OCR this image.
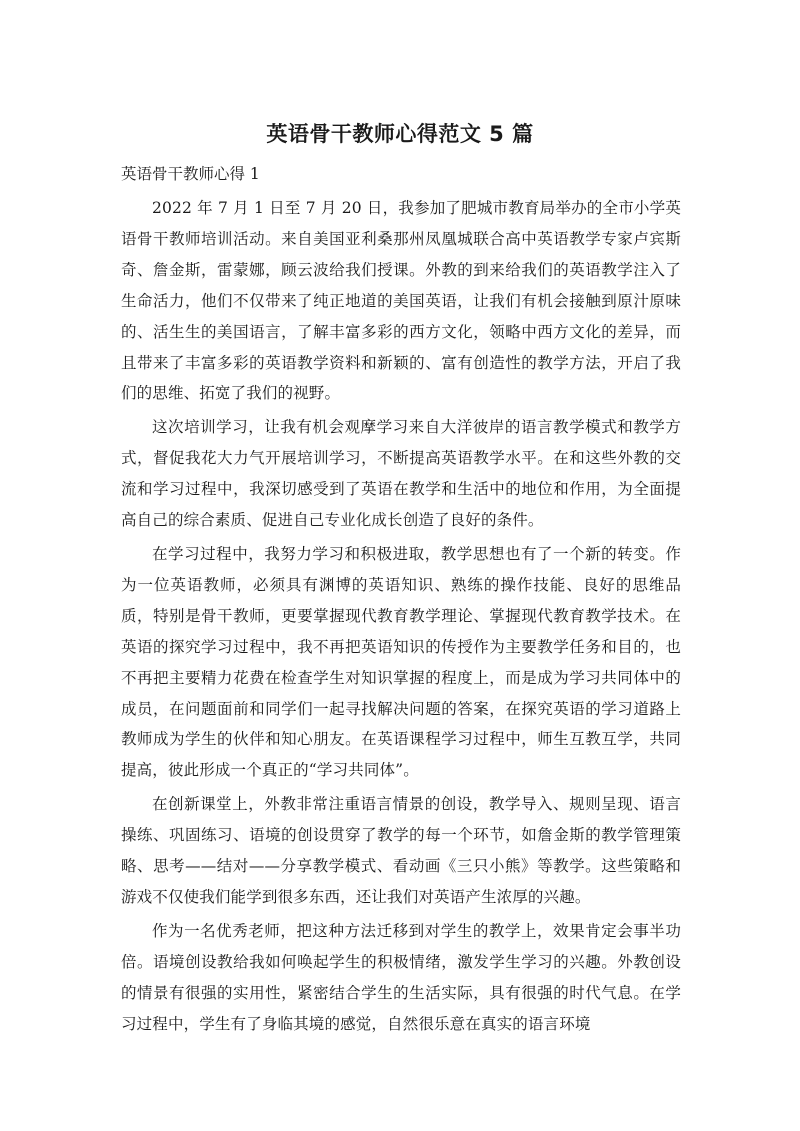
英语骨干教师心得范文 5 篇

英语骨干教师心得 1

2022 年 7 月 1 日至 7 月 20 日，我参加了肥城市教育局举办的全市小学英语骨干教师培训活动。来自美国亚利桑那州凤凰城联合高中英语教学专家卢宾斯奇、詹金斯，雷蒙娜，顾云波给我们授课。外教的到来给我们的英语教学注入了生命活力，他们不仅带来了纯正地道的美国英语，让我们有机会接触到原汁原味的、活生生的美国语言，了解丰富多彩的西方文化，领略中西方文化的差异，而且带来了丰富多彩的英语教学资料和新颖的、富有创造性的教学方法，开启了我们的思维、拓宽了我们的视野。

这次培训学习，让我有机会观摩学习来自大洋彼岸的语言教学模式和教学方式，督促我花大力气开展培训学习，不断提高英语教学水平。在和这些外教的交流和学习过程中，我深切感受到了英语在教学和生活中的地位和作用，为全面提高自己的综合素质、促进自己专业化成长创造了良好的条件。

在学习过程中，我努力学习和积极进取，教学思想也有了一个新的转变。作为一位英语教师，必须具有渊博的英语知识、熟练的操作技能、良好的思维品质，特别是骨干教师，更要掌握现代教育教学理论、掌握现代教育教学技术。在英语的探究学习过程中，我不再把英语知识的传授作为主要教学任务和目的，也不再把主要精力花费在检查学生对知识掌握的程度上，而是成为学习共同体中的成员，在问题面前和同学们一起寻找解决问题的答案，在探究英语的学习道路上教师成为学生的伙伴和知心朋友。在英语课程学习过程中，师生互教互学，共同提高，彼此形成一个真正的“学习共同体”。

在创新课堂上，外教非常注重语言情景的创设，教学导入、规则呈现、语言操练、巩固练习、语境的创设贯穿了教学的每一个环节，如詹金斯的教学管理策略、思考——结对——分享教学模式、看动画《三只小熊》等教学。这些策略和游戏不仅使我们能学到很多东西，还让我们对英语产生浓厚的兴趣。

作为一名优秀老师，把这种方法迁移到对学生的教学上，效果肯定会事半功倍。语境创设教给我如何唤起学生的积极情绪，激发学生学习的兴趣。外教创设的情景有很强的实用性，紧密结合学生的生活实际，具有很强的时代气息。在学习过程中，学生有了身临其境的感觉，自然很乐意在真实的语言环境
